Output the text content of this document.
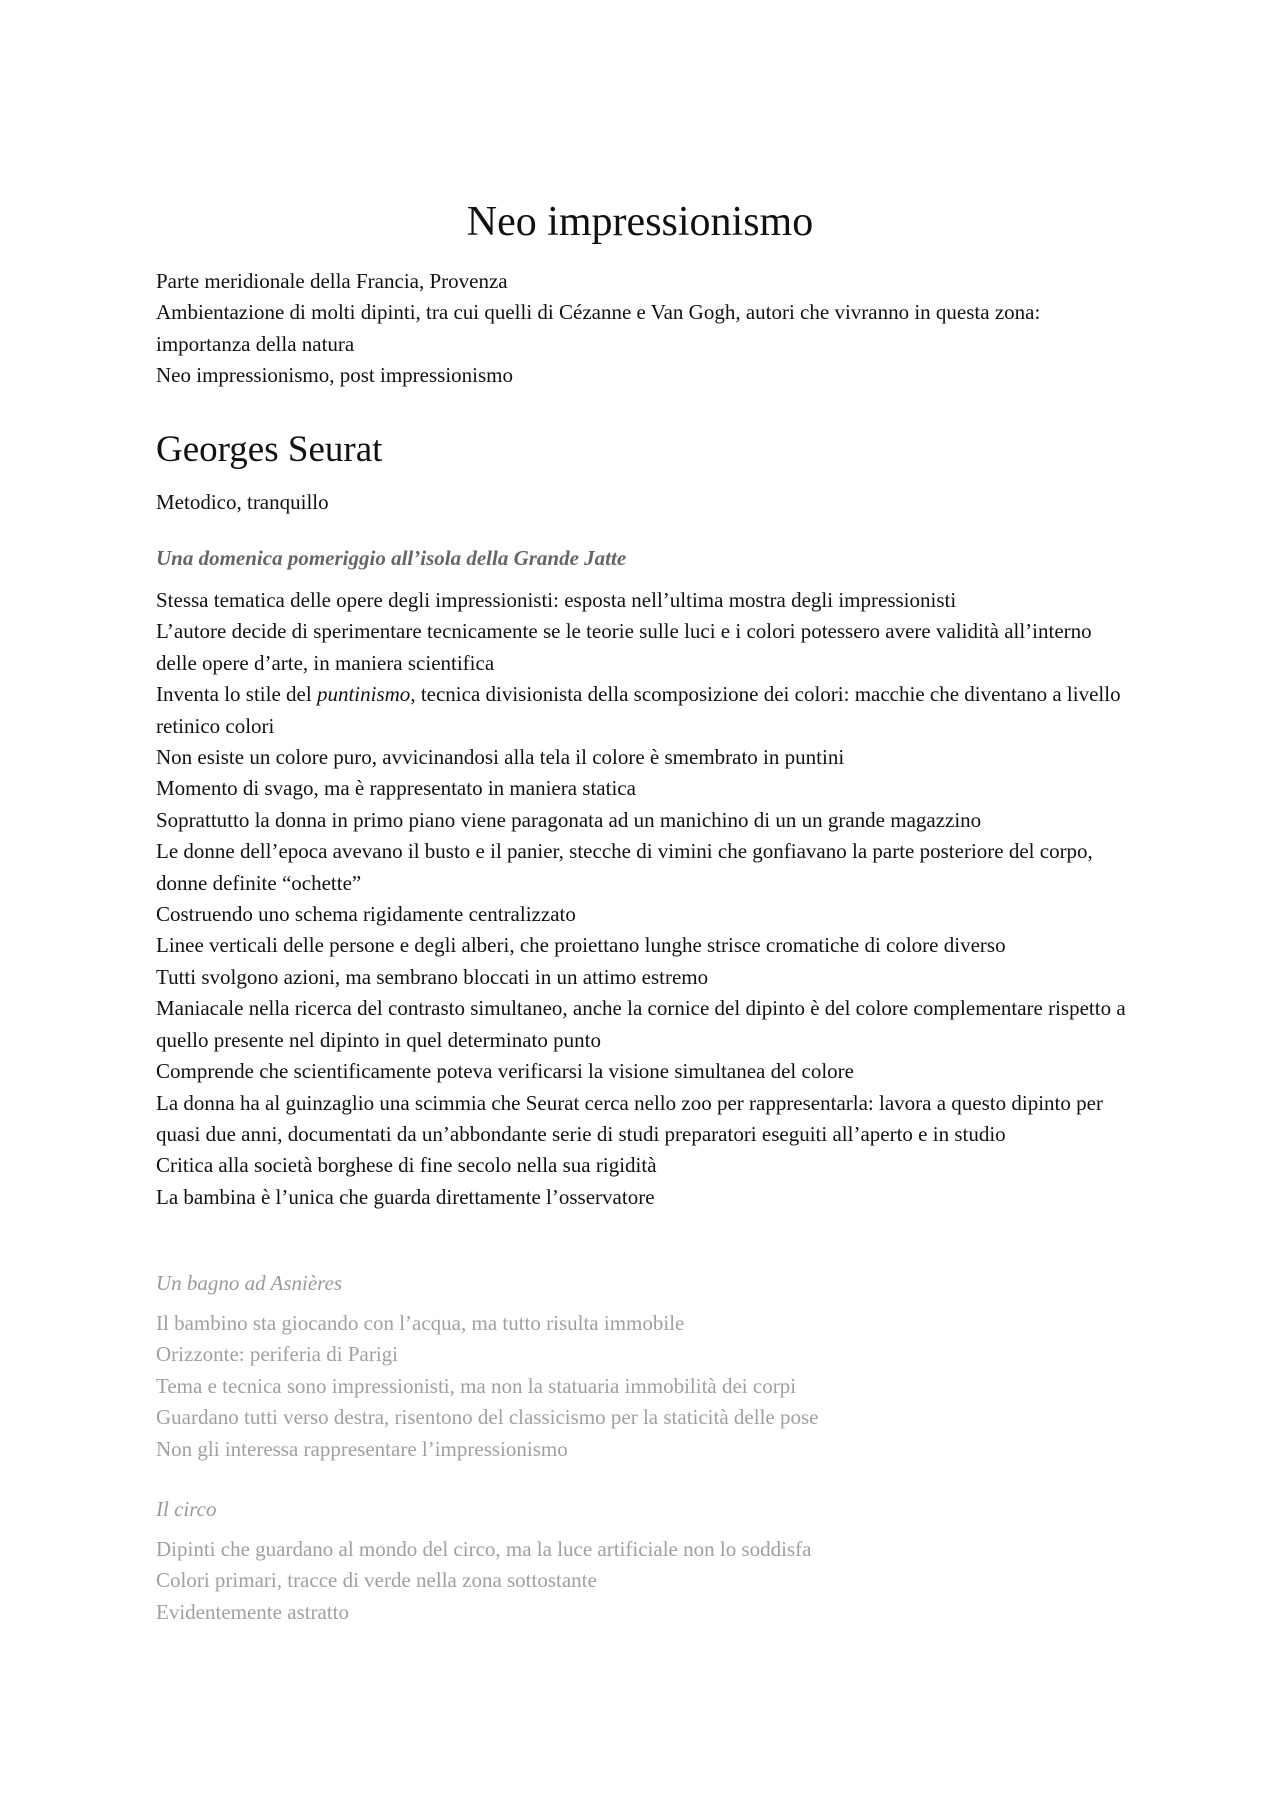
Neo impressionismo

Parte meridionale della Francia, Provenza

Ambientazione di molti dipinti, tra cui quelli di Cézanne e Van Gogh, autori che vivranno in questa zona: importanza della natura

Neo impressionismo, post impressionismo

Georges Seurat

Metodico, tranquillo

Una domenica pomeriggio all’isola della Grande Jatte

Stessa tematica delle opere degli impressionisti: esposta nell’ultima mostra degli impressionisti

L’autore decide di sperimentare tecnicamente se le teorie sulle luci e i colori potessero avere validità all’interno delle opere d’arte, in maniera scientifica

Inventa lo stile del puntinismo, tecnica divisionista della scomposizione dei colori: macchie che diventano a livello retinico colori

Non esiste un colore puro, avvicinandosi alla tela il colore è smembrato in puntini

Momento di svago, ma è rappresentato in maniera statica

Soprattutto la donna in primo piano viene paragonata ad un manichino di un un grande magazzino

Le donne dell’epoca avevano il busto e il panier, stecche di vimini che gonfiavano la parte posteriore del corpo, donne definite “ochette”

Costruendo uno schema rigidamente centralizzato

Linee verticali delle persone e degli alberi, che proiettano lunghe strisce cromatiche di colore diverso

Tutti svolgono azioni, ma sembrano bloccati in un attimo estremo

Maniacale nella ricerca del contrasto simultaneo, anche la cornice del dipinto è del colore complementare rispetto a quello presente nel dipinto in quel determinato punto

Comprende che scientificamente poteva verificarsi la visione simultanea del colore

La donna ha al guinzaglio una scimmia che Seurat cerca nello zoo per rappresentarla: lavora a questo dipinto per quasi due anni, documentati da un’abbondante serie di studi preparatori eseguiti all’aperto e in studio

Critica alla società borghese di fine secolo nella sua rigidità

La bambina è l’unica che guarda direttamente l’osservatore

Un bagno ad Asnières

Il bambino sta giocando con l’acqua, ma tutto risulta immobile

Orizzonte: periferia di Parigi

Tema e tecnica sono impressionisti, ma non la statuaria immobilità dei corpi

Guardano tutti verso destra, risentono del classicismo per la staticità delle pose

Non gli interessa rappresentare l’impressionismo

Il circo

Dipinti che guardano al mondo del circo, ma la luce artificiale non lo soddisfa

Colori primari, tracce di verde nella zona sottostante

Evidentemente astratto
